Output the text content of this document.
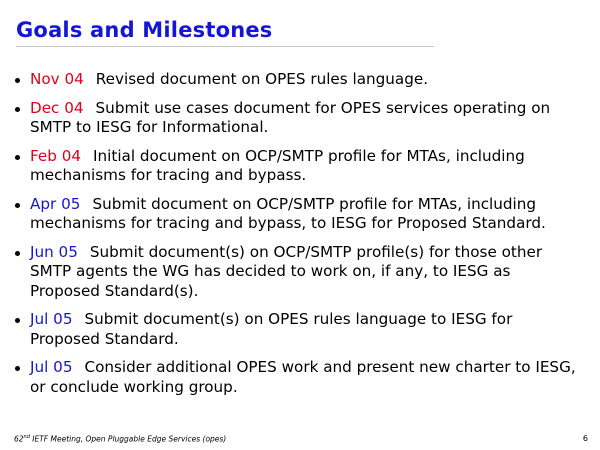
Goals and Milestones
Nov 04 Revised document on OPES rules language.
Dec 04 Submit use cases document for OPES services operating on SMTP to IESG for Informational.
Feb 04 Initial document on OCP/SMTP profile for MTAs, including mechanisms for tracing and bypass.
Apr 05 Submit document on OCP/SMTP profile for MTAs, including mechanisms for tracing and bypass, to IESG for Proposed Standard.
Jun 05 Submit document(s) on OCP/SMTP profile(s) for those other SMTP agents the WG has decided to work on, if any, to IESG as Proposed Standard(s).
Jul 05 Submit document(s) on OPES rules language to IESG for Proposed Standard.
Jul 05 Consider additional OPES work and present new charter to IESG, or conclude working group.
62nd IETF Meeting, Open Pluggable Edge Services (opes)	6
